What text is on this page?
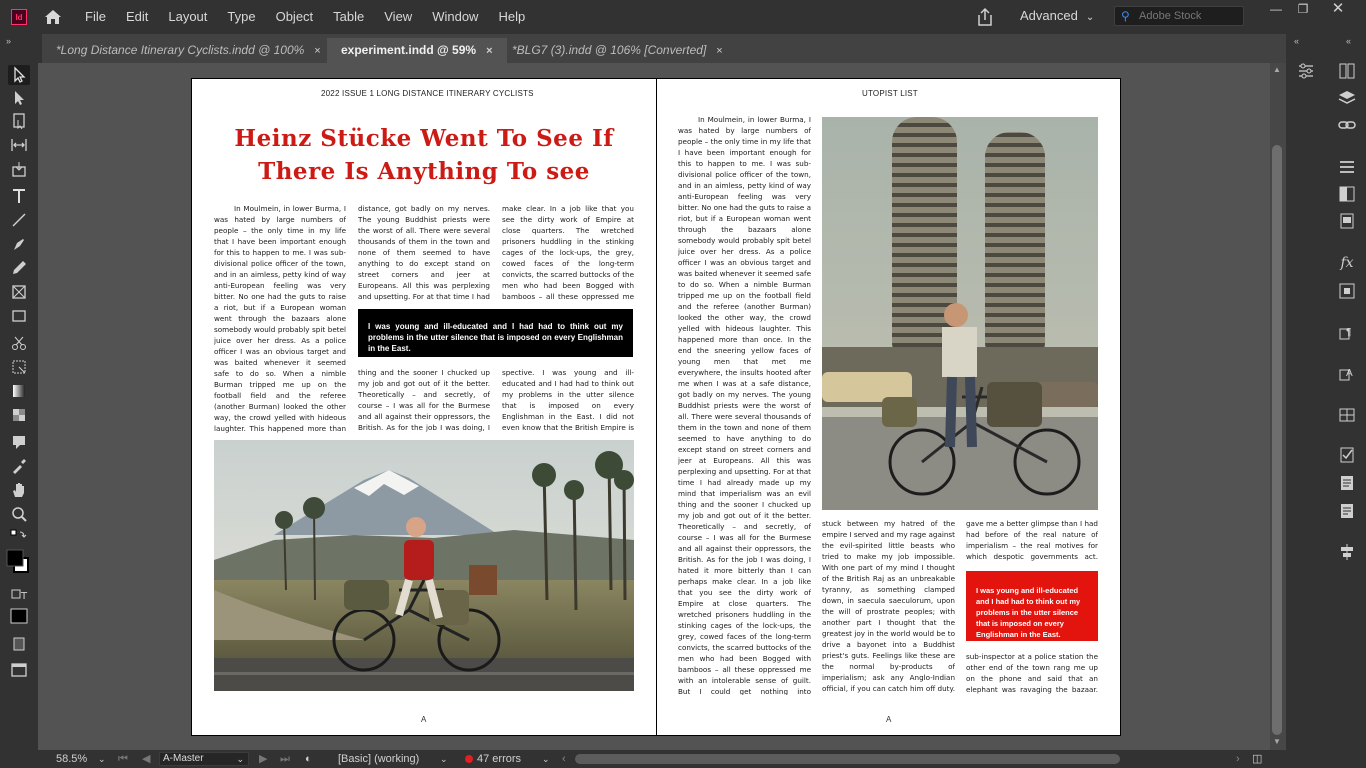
Id	File	Edit	Layout	Type	Object	Table	View	Window	Help	Advanced ⌄ ⚲ Adobe Stock	—	❐	✕
»
*Long Distance Itinerary Cyclists.indd @ 100% ×	experiment.indd @ 59% ×	*BLG7 (3).indd @ 106% [Converted] ×
T
2022 ISSUE 1 LONG DISTANCE ITINERARY CYCLISTS
Heinz Stücke Went To See If There Is Anything To see
In Moulmein, in lower Burma, I was hated by large numbers of people – the only time in my life that I have been important enough for this to happen to me. I was sub-divisional police officer of the town, and in an aimless, petty kind of way anti-European feeling was very bitter. No one had the guts to raise a riot, but if a European woman went through the bazaars alone somebody would probably spit betel juice over her dress. As a police officer I was an obvious target and was baited whenever it seemed safe to do so. When a nimble Burman tripped me up on the football field and the referee (another Burman) looked the other way, the crowd yelled with hideous laughter. This happened more than
distance, got badly on my nerves. The young Buddhist priests were the worst of all. There were several thousands of them in the town and none of them seemed to have anything to do except stand on street corners and jeer at Europeans. All this was perplexing and upsetting. For at that time I had
make clear. In a job like that you see the dirty work of Empire at close quarters. The wretched prisoners huddling in the stinking cages of the lock-ups, the grey, cowed faces of the long-term convicts, the scarred buttocks of the men who had been Bogged with bamboos – all these oppressed me
I was young and ill-educated and I had had to think out my problems in the utter silence that is imposed on every Englishman in the East.
thing and the sooner I chucked up my job and got out of it the better. Theoretically – and secretly, of course – I was all for the Burmese and all against their oppressors, the British. As for the job I was doing, I
spective. I was young and ill-educated and I had had to think out my problems in the utter silence that is imposed on every Englishman in the East. I did not even know that the British Empire is
A
UTOPIST LIST
In Moulmein, in lower Burma, I was hated by large numbers of people – the only time in my life that I have been important enough for this to happen to me. I was sub-divisional police officer of the town, and in an aimless, petty kind of way anti-European feeling was very bitter. No one had the guts to raise a riot, but if a European woman went through the bazaars alone somebody would probably spit betel juice over her dress. As a police officer I was an obvious target and was baited whenever it seemed safe to do so. When a nimble Burman tripped me up on the football field and the referee (another Burman) looked the other way, the crowd yelled with hideous laughter. This happened more than once. In the end the sneering yellow faces of young men that met me everywhere, the insults hooted after me when I was at a safe distance, got badly on my nerves. The young Buddhist priests were the worst of all. There were several thousands of them in the town and none of them seemed to have anything to do except stand on street corners and jeer at Europeans. All this was perplexing and upsetting. For at that time I had already made up my mind that imperialism was an evil thing and the sooner I chucked up my job and got out of it the better. Theoretically – and secretly, of course – I was all for the Burmese and all against their oppressors, the British. As for the job I was doing, I hated it more bitterly than I can perhaps make clear. In a job like that you see the dirty work of Empire at close quarters. The wretched prisoners huddling in the stinking cages of the lock-ups, the grey, cowed faces of the long-term convicts, the scarred buttocks of the men who had been Bogged with bamboos – all these oppressed me with an intolerable sense of guilt. But I could get nothing into
stuck between my hatred of the empire I served and my rage against the evil-spirited little beasts who tried to make my job impossible. With one part of my mind I thought of the British Raj as an unbreakable tyranny, as something clamped down, in saecula saeculorum, upon the will of prostrate peoples; with another part I thought that the greatest joy in the world would be to drive a bayonet into a Buddhist priest's guts. Feelings like these are the normal by-products of imperialism; ask any Anglo-Indian official, if you can catch him off duty.
gave me a better glimpse than I had had before of the real nature of imperialism – the real motives for which despotic governments act.
I was young and ill-educated and I had had to think out my problems in the utter silence that is imposed on every Englishman in the East.
sub-inspector at a police station the other end of the town rang me up on the phone and said that an elephant was ravaging the bazaar.
A
▲
▼
«	«
fx
¶
A
58.5% ⌄ ⏮ ◀	A-Master	⌄ ▶ ⏭ ◐ [Basic] (working) ⌄	47 errors ⌄ ‹	› ◫
